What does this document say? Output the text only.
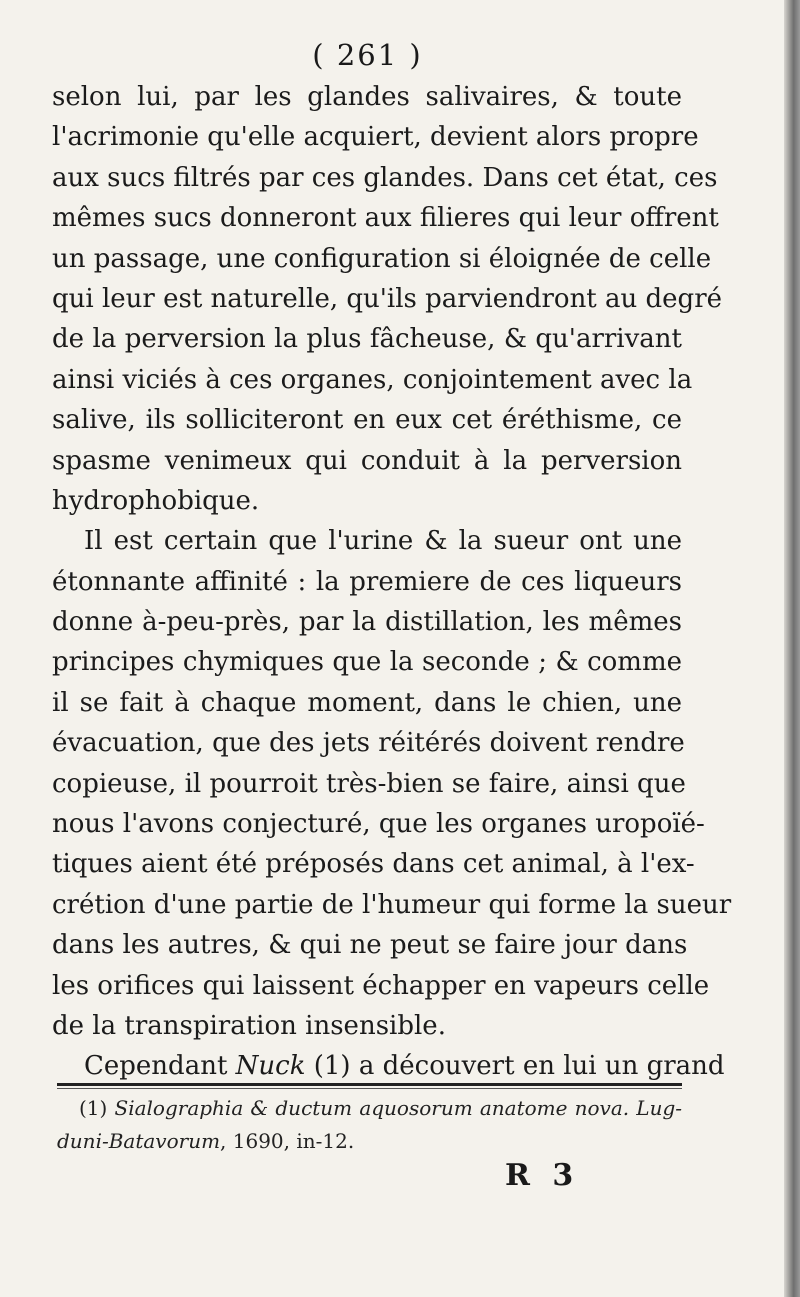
( 261 )
selon lui, par les glandes salivaires, & toute
l'acrimonie qu'elle acquiert, devient alors propre
aux sucs filtrés par ces glandes. Dans cet état, ces
mêmes sucs donneront aux filieres qui leur offrent
un passage, une configuration si éloignée de celle
qui leur est naturelle, qu'ils parviendront au degré
de la perversion la plus fâcheuse, & qu'arrivant
ainsi viciés à ces organes, conjointement avec la
salive, ils solliciteront en eux cet éréthisme, ce
spasme venimeux qui conduit à la perversion
hydrophobique.
Il est certain que l'urine & la sueur ont une
étonnante affinité : la premiere de ces liqueurs
donne à-peu-près, par la distillation, les mêmes
principes chymiques que la seconde ; & comme
il se fait à chaque moment, dans le chien, une
évacuation, que des jets réitérés doivent rendre
copieuse, il pourroit très-bien se faire, ainsi que
nous l'avons conjecturé, que les organes uropoïé-
tiques aient été préposés dans cet animal, à l'ex-
crétion d'une partie de l'humeur qui forme la sueur
dans les autres, & qui ne peut se faire jour dans
les orifices qui laissent échapper en vapeurs celle
de la transpiration insensible.
Cependant Nuck (1) a découvert en lui un grand
(1) Sialographia & ductum aquosorum anatome nova. Lug-
duni-Batavorum, 1690, in-12.
R 3
